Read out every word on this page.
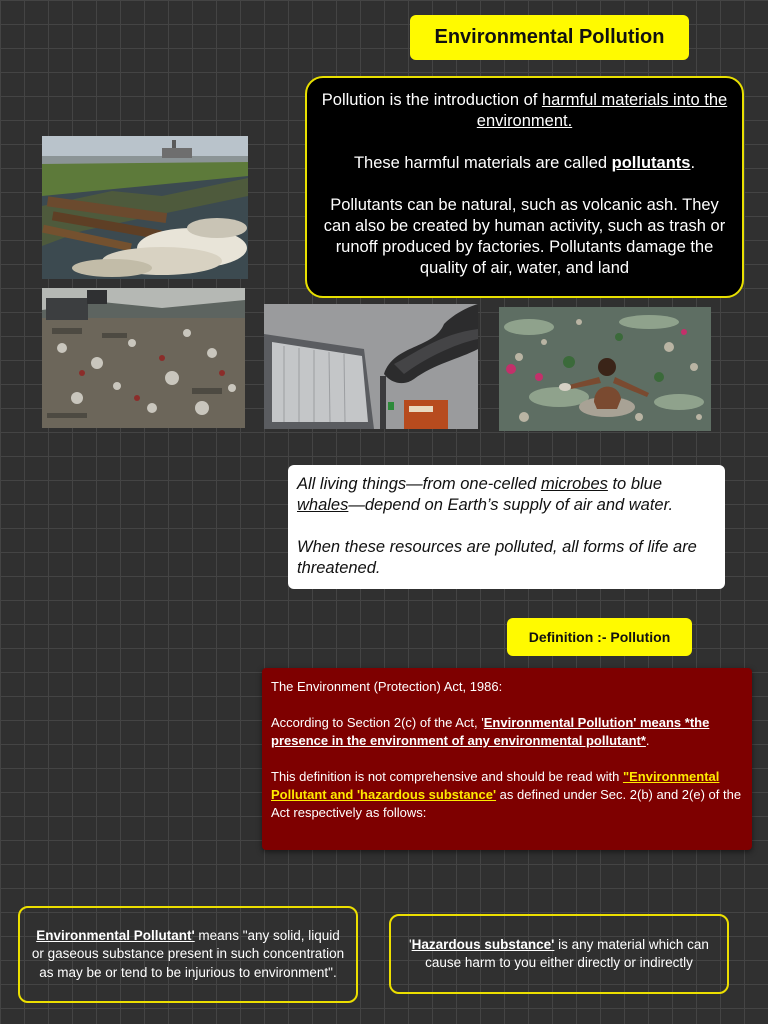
Environmental Pollution

Pollution is the introduction of harmful materials into the environment.

These harmful materials are called pollutants.

Pollutants can be natural, such as volcanic ash. They can also be created by human activity, such as trash or runoff produced by factories. Pollutants damage the quality of air, water, and land

All living things—from one-celled microbes to blue whales—depend on Earth’s supply of air and water.

When these resources are polluted, all forms of life are threatened.

Definition :- Pollution

The Environment (Protection) Act, 1986:

According to Section 2(c) of the Act, 'Environmental Pollution' means *the presence in the environment of any environmental pollutant*.

This definition is not comprehensive and should be read with "Environmental Pollutant and 'hazardous substance' as defined under Sec. 2(b) and 2(e) of the Act respectively as follows:

Environmental Pollutant' means "any solid, liquid or gaseous substance present in such concentration as may be or tend to be injurious to environment".
'Hazardous substance' is any material which can cause harm to you either directly or indirectly
